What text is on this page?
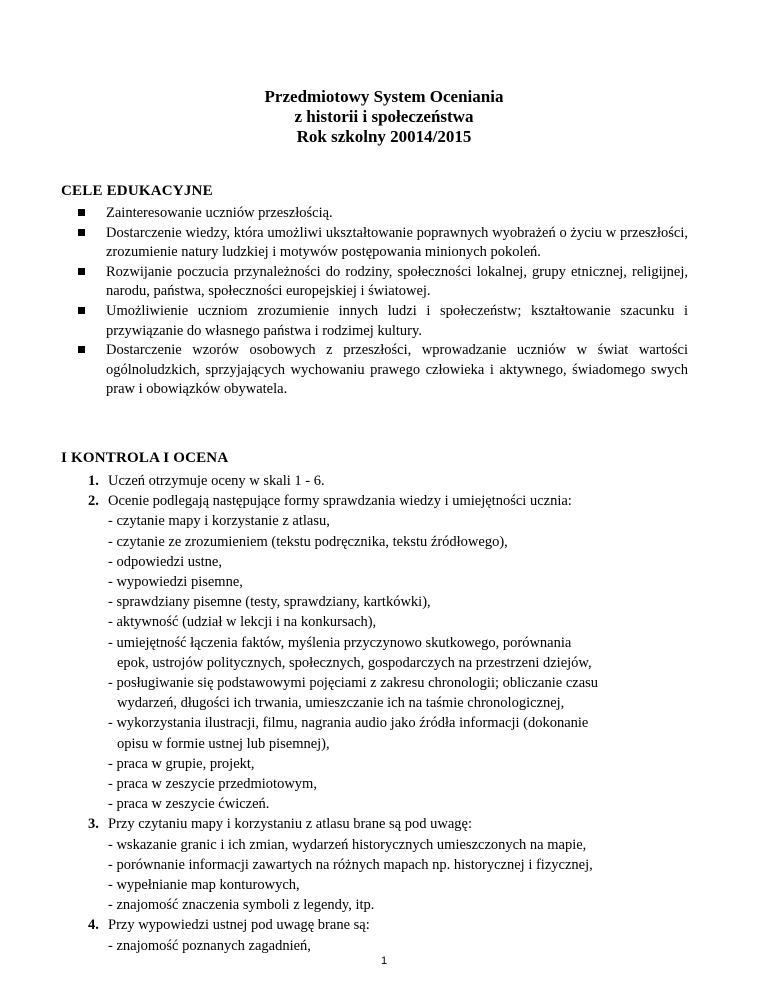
Przedmiotowy System Oceniania
z historii i społeczeństwa
Rok szkolny 20014/2015
CELE EDUKACYJNE
Zainteresowanie uczniów przeszłością.
Dostarczenie wiedzy, która umożliwi ukształtowanie poprawnych wyobrażeń o życiu w przeszłości, zrozumienie natury ludzkiej i motywów postępowania minionych pokoleń.
Rozwijanie poczucia przynależności do rodziny, społeczności lokalnej, grupy etnicznej, religijnej, narodu, państwa, społeczności europejskiej i światowej.
Umożliwienie uczniom zrozumienie innych ludzi i społeczeństw; kształtowanie szacunku i przywiązanie do własnego państwa i rodzimej kultury.
Dostarczenie wzorów osobowych z przeszłości, wprowadzanie uczniów w świat wartości ogólnoludzkich, sprzyjających wychowaniu prawego człowieka i aktywnego, świadomego swych praw i obowiązków obywatela.
I KONTROLA I OCENA
1. Uczeń otrzymuje oceny w skali 1 - 6.
2. Ocenie podlegają następujące formy sprawdzania wiedzy i umiejętności ucznia:
- czytanie mapy i korzystanie z atlasu,
- czytanie ze zrozumieniem (tekstu podręcznika, tekstu źródłowego),
- odpowiedzi ustne,
- wypowiedzi pisemne,
- sprawdziany pisemne (testy, sprawdziany, kartkówki),
- aktywność (udział w lekcji i na konkursach),
- umiejętność łączenia faktów, myślenia przyczynowo skutkowego, porównania
epok, ustrojów politycznych, społecznych, gospodarczych na przestrzeni dziejów,
- posługiwanie się podstawowymi pojęciami z zakresu chronologii; obliczanie czasu
wydarzeń, długości ich trwania, umieszczanie ich na taśmie chronologicznej,
- wykorzystania ilustracji, filmu, nagrania audio jako źródła informacji (dokonanie
opisu w formie ustnej lub pisemnej),
- praca w grupie, projekt,
- praca w zeszycie przedmiotowym,
- praca w zeszycie ćwiczeń.
3. Przy czytaniu mapy i korzystaniu z atlasu brane są pod uwagę:
- wskazanie granic i ich zmian, wydarzeń historycznych umieszczonych na mapie,
- porównanie informacji zawartych na różnych mapach np. historycznej i fizycznej,
- wypełnianie map konturowych,
- znajomość znaczenia symboli z legendy, itp.
4. Przy wypowiedzi ustnej pod uwagę brane są:
- znajomość poznanych zagadnień,
1
